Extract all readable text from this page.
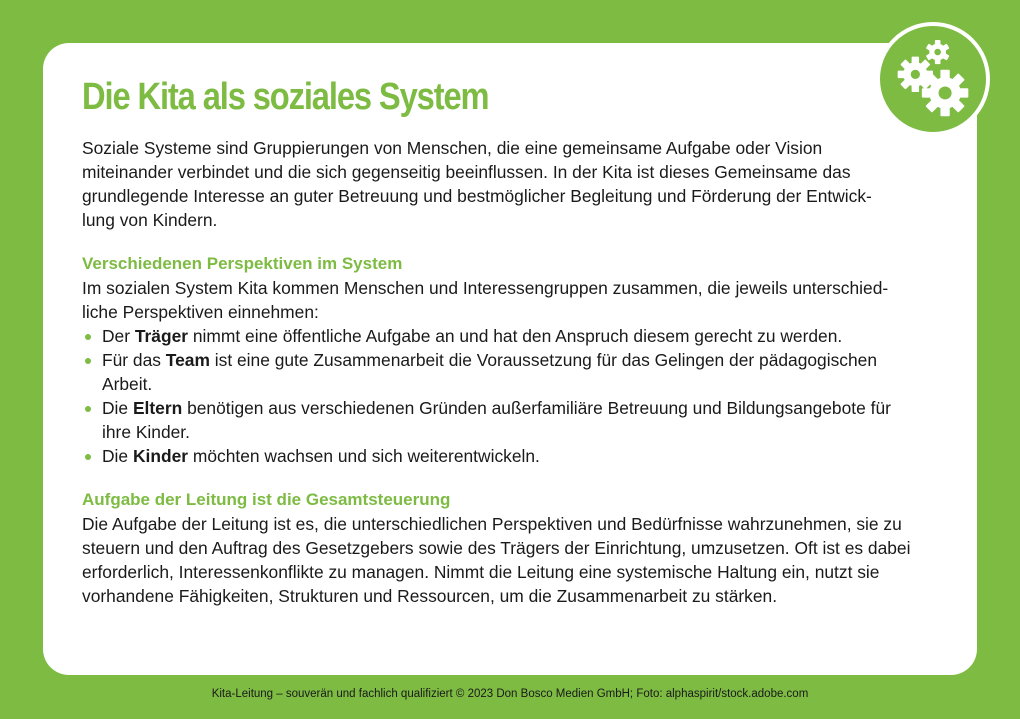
Die Kita als soziales System

Soziale Systeme sind Gruppierungen von Menschen, die eine gemeinsame Aufgabe oder Vision
miteinander verbindet und die sich gegenseitig beeinflussen. In der Kita ist dieses Gemeinsame das
grundlegende Interesse an guter Betreuung und bestmöglicher Begleitung und Förderung der Entwick-
lung von Kindern.

Verschiedenen Perspektiven im System

Im sozialen System Kita kommen Menschen und Interessengruppen zusammen, die jeweils unterschied-
liche Perspektiven einnehmen:

Der Träger nimmt eine öffentliche Aufgabe an und hat den Anspruch diesem gerecht zu werden.
Für das Team ist eine gute Zusammenarbeit die Voraussetzung für das Gelingen der pädagogischen
Arbeit.
Die Eltern benötigen aus verschiedenen Gründen außerfamiliäre Betreuung und Bildungsangebote für
ihre Kinder.
Die Kinder möchten wachsen und sich weiterentwickeln.
Aufgabe der Leitung ist die Gesamtsteuerung

Die Aufgabe der Leitung ist es, die unterschiedlichen Perspektiven und Bedürfnisse wahrzunehmen, sie zu
steuern und den Auftrag des Gesetzgebers sowie des Trägers der Einrichtung, umzusetzen. Oft ist es dabei
erforderlich, Interessenkonflikte zu managen. Nimmt die Leitung eine systemische Haltung ein, nutzt sie
vorhandene Fähigkeiten, Strukturen und Ressourcen, um die Zusammenarbeit zu stärken.

Kita-Leitung – souverän und fachlich qualifiziert © 2023 Don Bosco Medien GmbH; Foto: alphaspirit/stock.adobe.com
